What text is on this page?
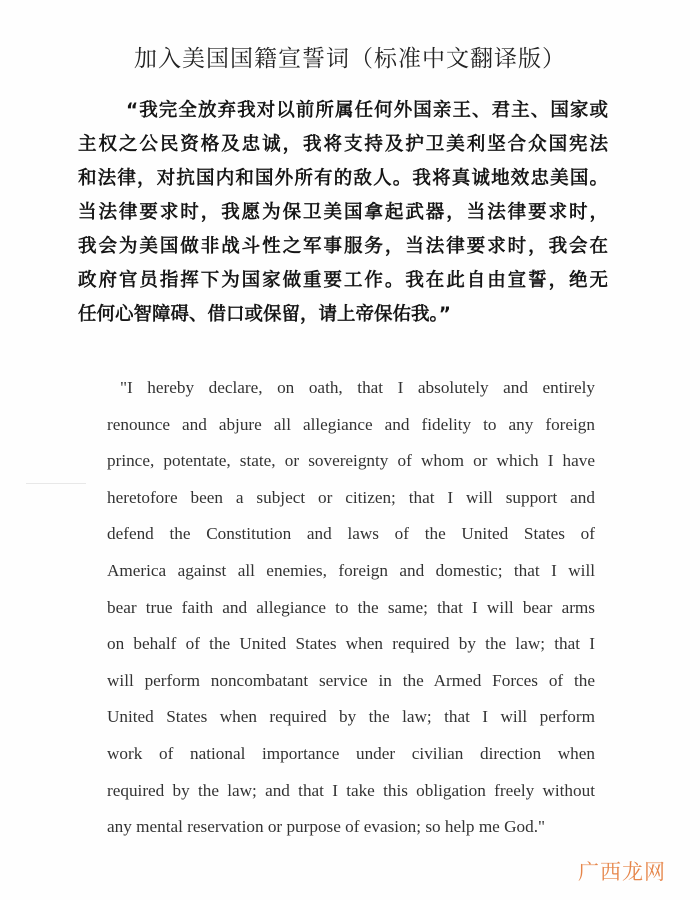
加入美国国籍宣誓词（标准中文翻译版）
“我完全放弃我对以前所属任何外国亲王、君主、国家或
主权之公民资格及忠诚，我将支持及护卫美利坚合众国宪法
和法律，对抗国内和国外所有的敌人。我将真诚地效忠美国。
当法律要求时，我愿为保卫美国拿起武器，当法律要求时，
我会为美国做非战斗性之军事服务，当法律要求时，我会在
政府官员指挥下为国家做重要工作。我在此自由宣誓，绝无
任何心智障碍、借口或保留，请上帝保佑我。”
"I hereby declare, on oath, that I absolutely and entirely
renounce and abjure all allegiance and fidelity to any foreign
prince, potentate, state, or sovereignty of whom or which I have
heretofore been a subject or citizen; that I will support and
defend the Constitution and laws of the United States of
America against all enemies, foreign and domestic; that I will
bear true faith and allegiance to the same; that I will bear arms
on behalf of the United States when required by the law; that I
will perform noncombatant service in the Armed Forces of the
United States when required by the law; that I will perform
work of national importance under civilian direction when
required by the law; and that I take this obligation freely without
any mental reservation or purpose of evasion; so help me God."
广西龙网
